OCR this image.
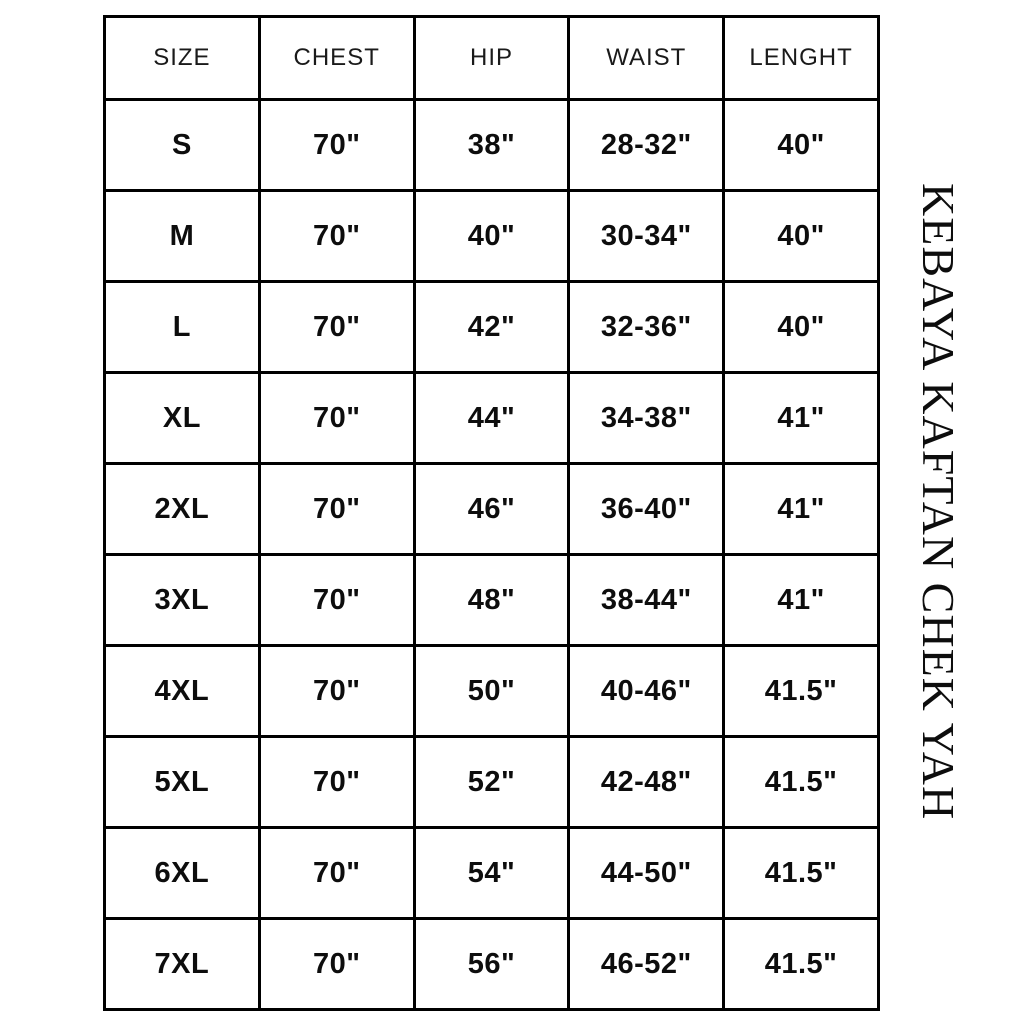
SIZE	CHEST	HIP	WAIST	LENGHT
S	70"	38"	28-32"	40"
M	70"	40"	30-34"	40"
L	70"	42"	32-36"	40"
XL	70"	44"	34-38"	41"
2XL	70"	46"	36-40"	41"
3XL	70"	48"	38-44"	41"
4XL	70"	50"	40-46"	41.5"
5XL	70"	52"	42-48"	41.5"
6XL	70"	54"	44-50"	41.5"
7XL	70"	56"	46-52"	41.5"
KEBAYA KAFTAN CHEK YAH
